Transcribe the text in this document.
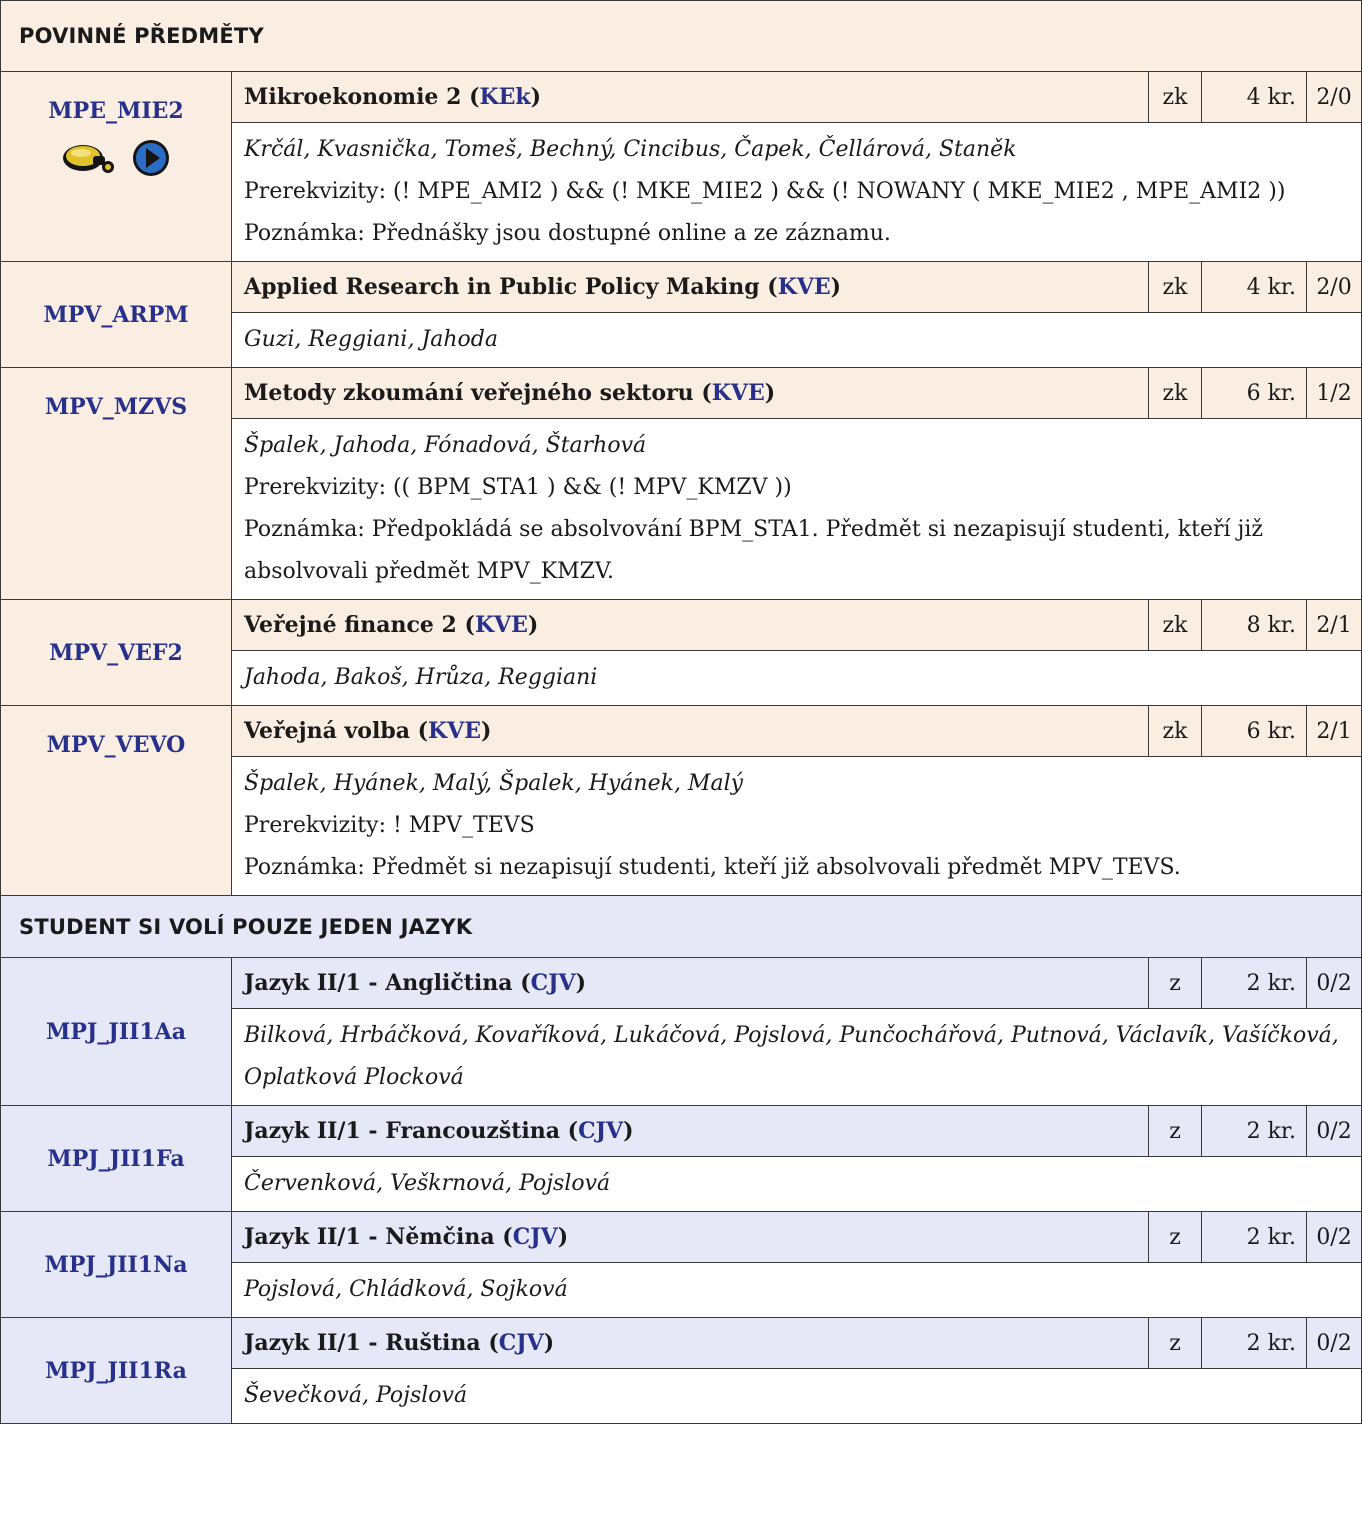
POVINNÉ PŘEDMĚTY				
MPE_MIE2	Mikroekonomie 2 (KEk)	zk	4 kr.	2/0

	Krčál, Kvasnička, Tomeš, Bechný, Cincibus, Čapek, Čellárová, Staněk
Prerekvizity: (! MPE_AMI2 ) && (! MKE_MIE2 ) && (! NOWANY ( MKE_MIE2 , MPE_AMI2 ))
Poznámka: Přednášky jsou dostupné online a ze záznamu.			

MPV_ARPM	Applied Research in Public Policy Making (KVE)	zk	4 kr.	2/0

	Guzi, Reggiani, Jahoda			

MPV_MZVS	Metody zkoumání veřejného sektoru (KVE)	zk	6 kr.	1/2

	Špalek, Jahoda, Fónadová, Štarhová
Prerekvizity: (( BPM_STA1 ) && (! MPV_KMZV ))
Poznámka: Předpokládá se absolvování BPM_STA1. Předmět si nezapisují studenti, kteří již absolvovali předmět MPV_KMZV.			

MPV_VEF2	Veřejné finance 2 (KVE)	zk	8 kr.	2/1

	Jahoda, Bakoš, Hrůza, Reggiani			

MPV_VEVO	Veřejná volba (KVE)	zk	6 kr.	2/1

	Špalek, Hyánek, Malý, Špalek, Hyánek, Malý
Prerekvizity: ! MPV_TEVS
Poznámka: Předmět si nezapisují studenti, kteří již absolvovali předmět MPV_TEVS.			

STUDENT SI VOLÍ POUZE JEDEN JAZYK				
MPJ_JII1Aa	Jazyk II/1 - Angličtina (CJV)	z	2 kr.	0/2

	Bilková, Hrbáčková, Kovaříková, Lukáčová, Pojslová, Punčochářová, Putnová, Václavík, Vašíčková, Oplatková Plocková			

MPJ_JII1Fa	Jazyk II/1 - Francouzština (CJV)	z	2 kr.	0/2

	Červenková, Veškrnová, Pojslová			

MPJ_JII1Na	Jazyk II/1 - Němčina (CJV)	z	2 kr.	0/2

	Pojslová, Chládková, Sojková			

MPJ_JII1Ra	Jazyk II/1 - Ruština (CJV)	z	2 kr.	0/2

	Ševečková, Pojslová			
